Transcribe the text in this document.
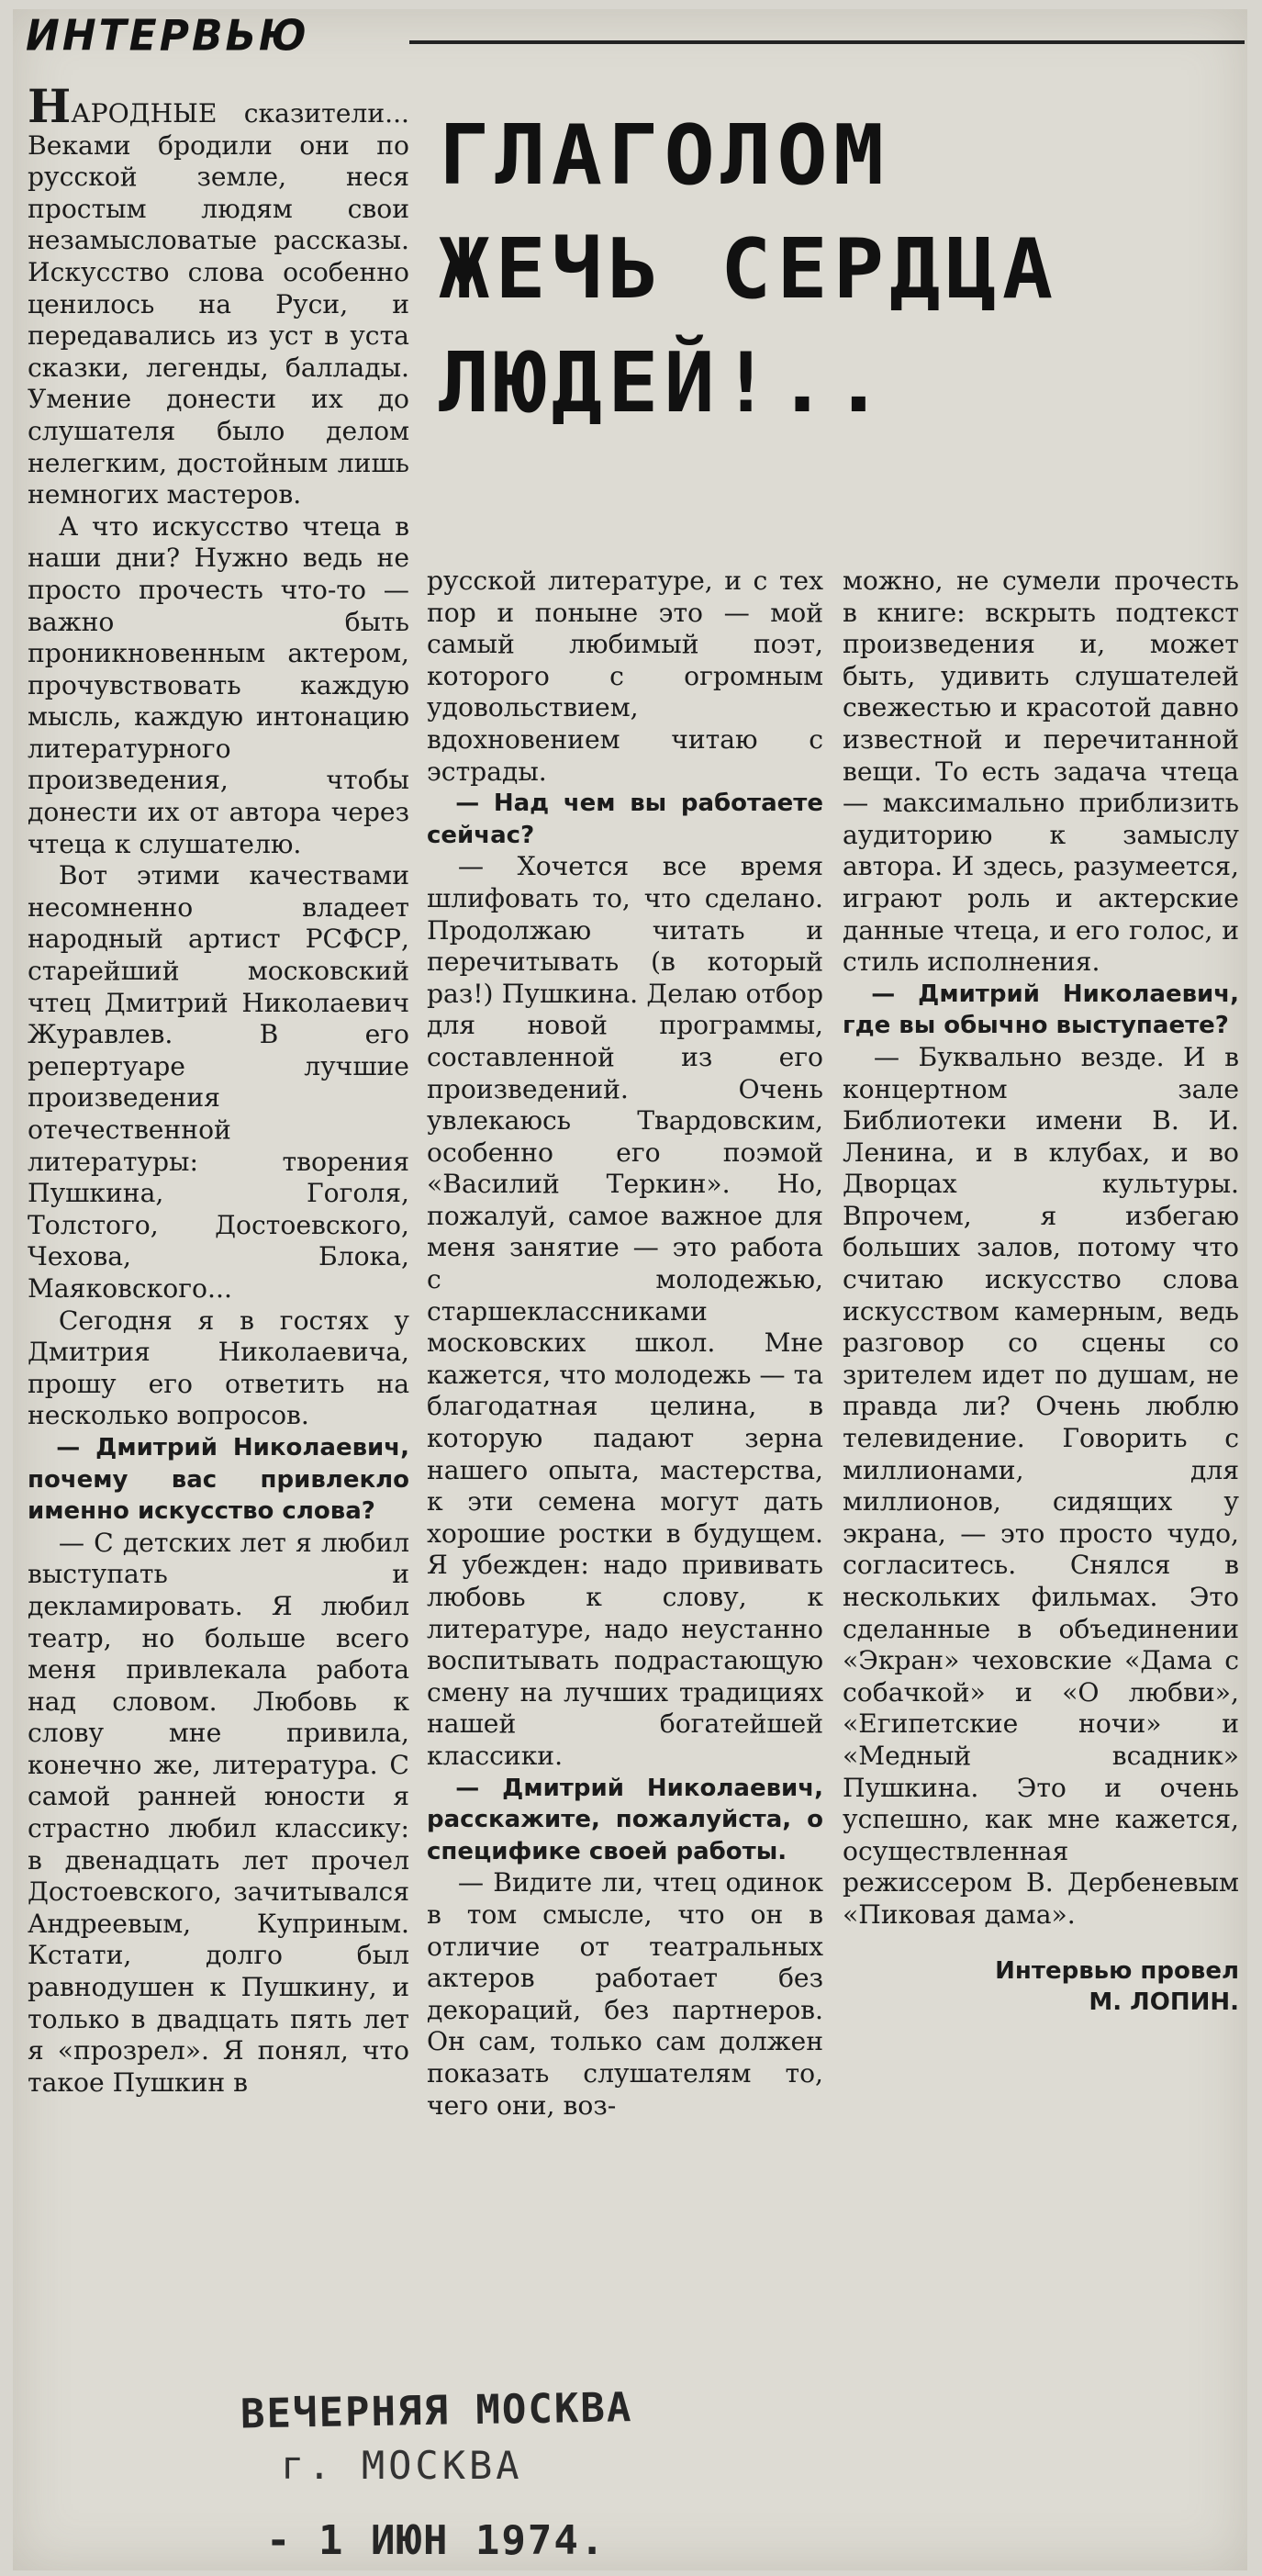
ИНТЕРВЬЮ
ГЛАГОЛОМ
ЖЕЧЬ СЕРДЦА
ЛЮДЕЙ!..

НАРОДНЫЕ сказители... Веками бродили они по русской земле, неся простым людям свои незамысловатые рассказы. Искусство слова особенно ценилось на Руси, и передавались из уст в уста сказки, легенды, баллады. Умение донести их до слушателя было делом нелегким, достойным лишь немногих мастеров.

А что искусство чтеца в наши дни? Нужно ведь не просто прочесть что-то — важно быть проникновенным актером, прочувствовать каждую мысль, каждую интонацию литературного произведения, чтобы донести их от автора через чтеца к слушателю.

Вот этими качествами несомненно владеет народный артист РСФСР, старейший московский чтец Дмитрий Николаевич Журавлев. В его репертуаре лучшие произведения отечественной литературы: творения Пушкина, Гоголя, Толстого, Достоевского, Чехова, Блока, Маяковского...

Сегодня я в гостях у Дмитрия Николаевича, прошу его ответить на несколько вопросов.

— Дмитрий Николаевич, почему вас привлекло именно искусство слова?

— С детских лет я любил выступать и декламировать. Я любил театр, но больше всего меня привлекала работа над словом. Любовь к слову мне привила, конечно же, литература. С самой ранней юности я страстно любил классику: в двенадцать лет прочел Достоевского, зачитывался Андреевым, Куприным. Кстати, долго был равнодушен к Пушкину, и только в двадцать пять лет я «прозрел». Я понял, что такое Пушкин в

русской литературе, и с тех пор и поныне это — мой самый любимый поэт, которого с огромным удовольствием, вдохновением читаю с эстрады.

— Над чем вы работаете сейчас?

— Хочется все время шлифовать то, что сделано. Продолжаю читать и перечитывать (в который раз!) Пушкина. Делаю отбор для новой программы, составленной из его произведений. Очень увлекаюсь Твардовским, особенно его поэмой «Василий Теркин». Но, пожалуй, самое важное для меня занятие — это работа с молодежью, старшеклассниками московских школ. Мне кажется, что молодежь — та благодатная целина, в которую падают зерна нашего опыта, мастерства, к эти семена могут дать хорошие ростки в будущем. Я убежден: надо прививать любовь к слову, к литературе, надо неустанно воспитывать подрастающую смену на лучших традициях нашей богатейшей классики.

— Дмитрий Николаевич, расскажите, пожалуйста, о специфике своей работы.

— Видите ли, чтец одинок в том смысле, что он в отличие от театральных актеров работает без декораций, без партнеров. Он сам, только сам должен показать слушателям то, чего они, воз-

можно, не сумели прочесть в книге: вскрыть подтекст произведения и, может быть, удивить слушателей свежестью и красотой давно известной и перечитанной вещи. То есть задача чтеца — максимально приблизить аудиторию к замыслу автора. И здесь, разумеется, играют роль и актерские данные чтеца, и его голос, и стиль исполнения.

— Дмитрий Николаевич, где вы обычно выступаете?

— Буквально везде. И в концертном зале Библиотеки имени В. И. Ленина, и в клубах, и во Дворцах культуры. Впрочем, я избегаю больших залов, потому что считаю искусство слова искусством камерным, ведь разговор со сцены со зрителем идет по душам, не правда ли? Очень люблю телевидение. Говорить с миллионами, для миллионов, сидящих у экрана, — это просто чудо, согласитесь. Снялся в нескольких фильмах. Это сделанные в объединении «Экран» чеховские «Дама с собачкой» и «О любви», «Египетские ночи» и «Медный всадник» Пушкина. Это и очень успешно, как мне кажется, осуществленная режиссером В. Дербеневым «Пиковая дама».

Интервью провел
М. ЛОПИН.
ВЕЧЕРНЯЯ МОСКВА
г. МОСКВА
- 1 ИЮН 1974.
